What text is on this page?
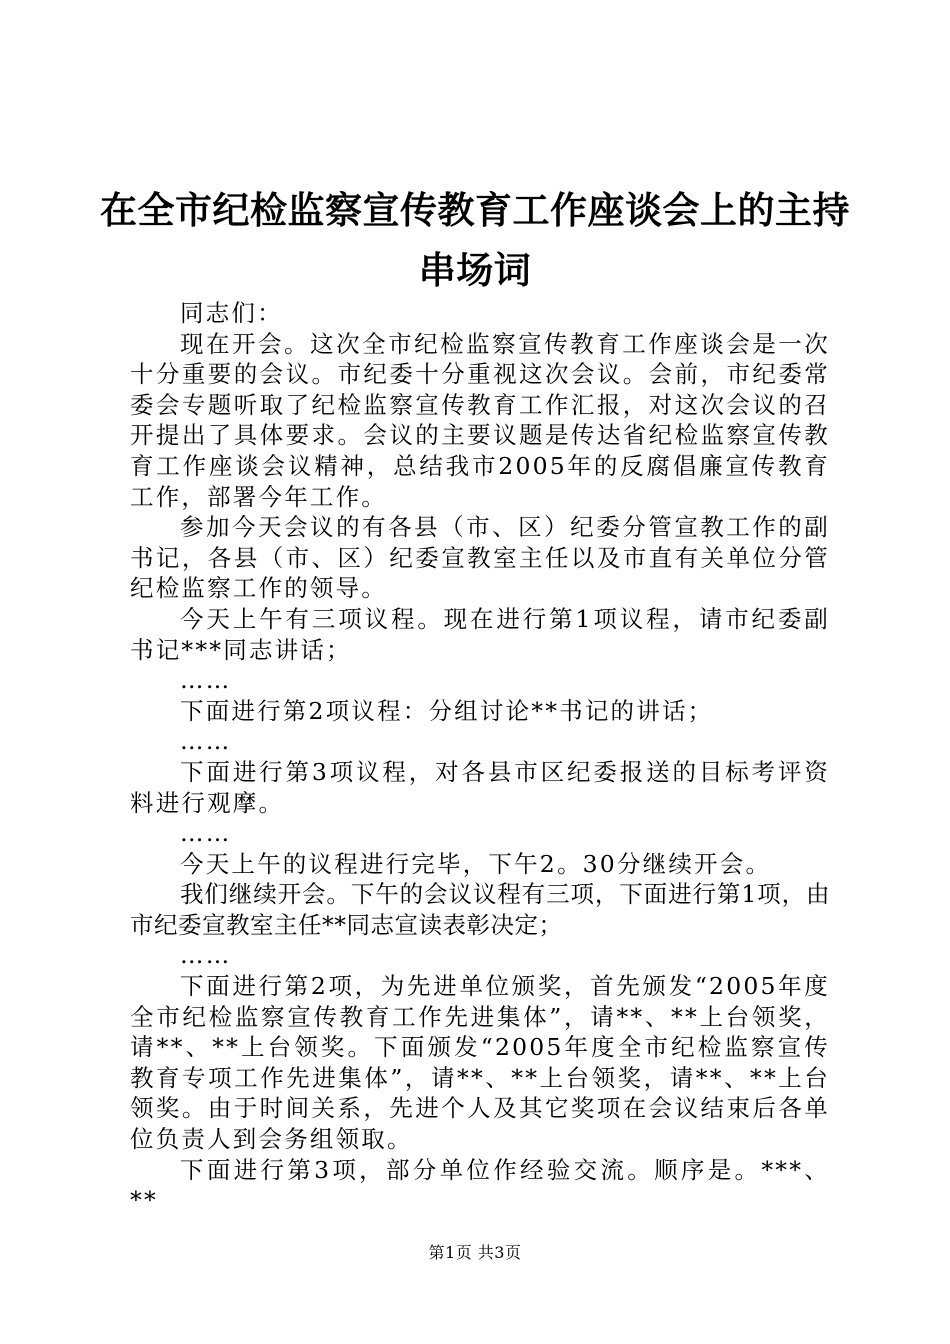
在全市纪检监察宣传教育工作座谈会上的主持
串场词

同志们：

现在开会。这次全市纪检监察宣传教育工作座谈会是一次十分重要的会议。市纪委十分重视这次会议。会前，市纪委常委会专题听取了纪检监察宣传教育工作汇报，对这次会议的召开提出了具体要求。会议的主要议题是传达省纪检监察宣传教育工作座谈会议精神，总结我市2005年的反腐倡廉宣传教育工作，部署今年工作。

参加今天会议的有各县（市、区）纪委分管宣教工作的副书记，各县（市、区）纪委宣教室主任以及市直有关单位分管纪检监察工作的领导。

今天上午有三项议程。现在进行第1项议程，请市纪委副书记***同志讲话；

……

下面进行第2项议程：分组讨论**书记的讲话；

……

下面进行第3项议程，对各县市区纪委报送的目标考评资料进行观摩。

……

今天上午的议程进行完毕，下午2。30分继续开会。

我们继续开会。下午的会议议程有三项，下面进行第1项，由市纪委宣教室主任**同志宣读表彰决定；

……

下面进行第2项，为先进单位颁奖，首先颁发“2005年度全市纪检监察宣传教育工作先进集体”，请**、**上台领奖，请**、**上台领奖。下面颁发“2005年度全市纪检监察宣传教育专项工作先进集体”，请**、**上台领奖，请**、**上台领奖。由于时间关系，先进个人及其它奖项在会议结束后各单位负责人到会务组领取。

下面进行第3项，部分单位作经验交流。顺序是。***、**

第1页 共3页
